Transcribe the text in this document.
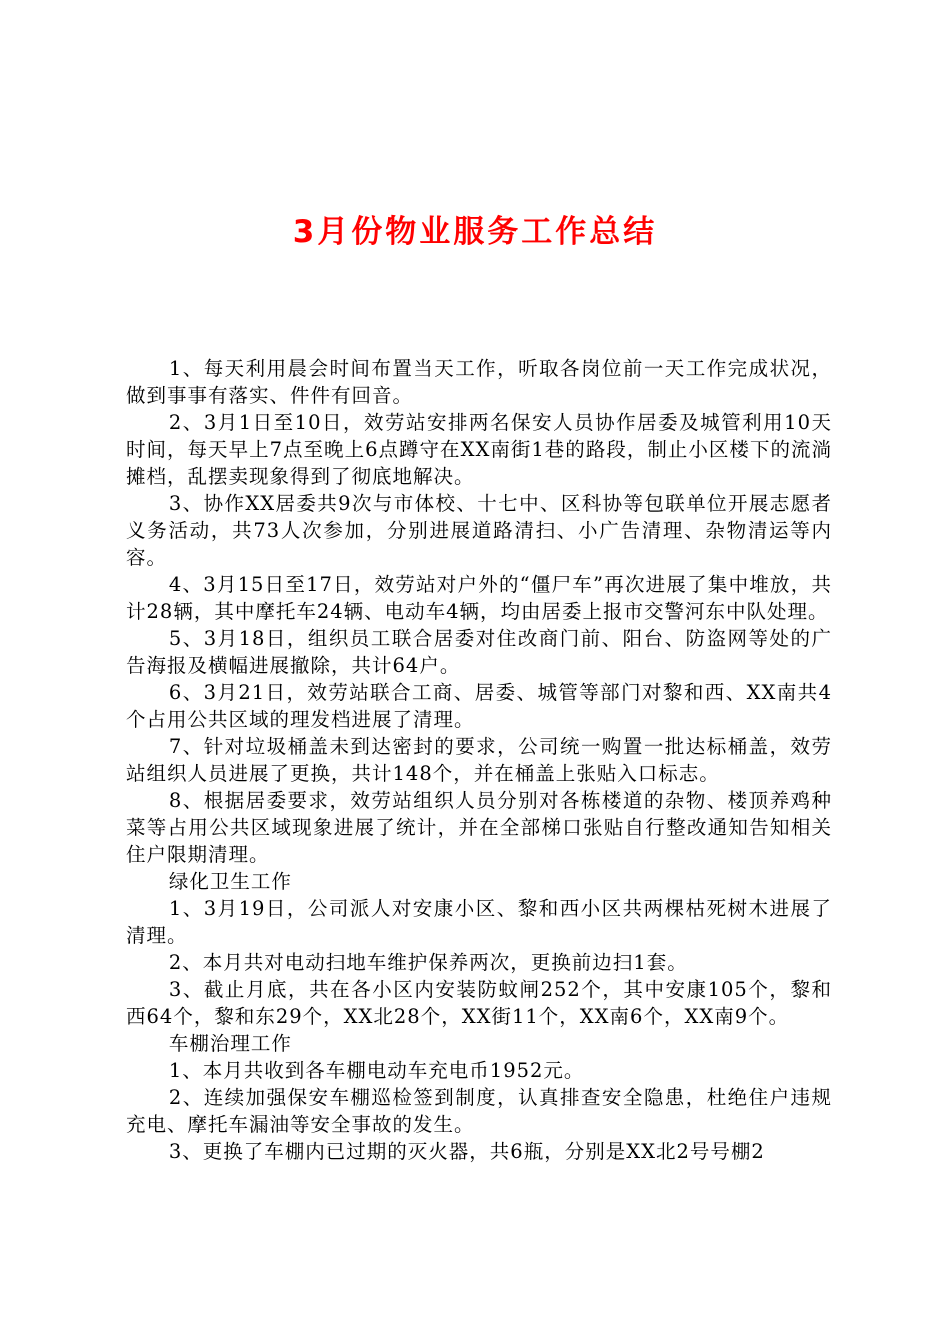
3月份物业服务工作总结

1、每天利用晨会时间布置当天工作，听取各岗位前一天工作完成状况，做到事事有落实、件件有回音。

2、3月1日至10日，效劳站安排两名保安人员协作居委及城管利用10天时间，每天早上7点至晚上6点蹲守在XX南街1巷的路段，制止小区楼下的流淌摊档，乱摆卖现象得到了彻底地解决。

3、协作XX居委共9次与市体校、十七中、区科协等包联单位开展志愿者义务活动，共73人次参加，分别进展道路清扫、小广告清理、杂物清运等内容。

4、3月15日至17日，效劳站对户外的“僵尸车”再次进展了集中堆放，共计28辆，其中摩托车24辆、电动车4辆，均由居委上报市交警河东中队处理。

5、3月18日，组织员工联合居委对住改商门前、阳台、防盗网等处的广告海报及横幅进展撤除，共计64户。

6、3月21日，效劳站联合工商、居委、城管等部门对黎和西、XX南共4个占用公共区域的理发档进展了清理。

7、针对垃圾桶盖未到达密封的要求，公司统一购置一批达标桶盖，效劳站组织人员进展了更换，共计148个，并在桶盖上张贴入口标志。

8、根据居委要求，效劳站组织人员分别对各栋楼道的杂物、楼顶养鸡种菜等占用公共区域现象进展了统计，并在全部梯口张贴自行整改通知告知相关住户限期清理。

绿化卫生工作

1、3月19日，公司派人对安康小区、黎和西小区共两棵枯死树木进展了清理。

2、本月共对电动扫地车维护保养两次，更换前边扫1套。

3、截止月底，共在各小区内安装防蚊闸252个，其中安康105个，黎和西64个，黎和东29个，XX北28个，XX街11个，XX南6个，XX南9个。

车棚治理工作

1、本月共收到各车棚电动车充电币1952元。

2、连续加强保安车棚巡检签到制度，认真排查安全隐患，杜绝住户违规充电、摩托车漏油等安全事故的发生。

3、更换了车棚内已过期的灭火器，共6瓶，分别是XX北2号号棚2
